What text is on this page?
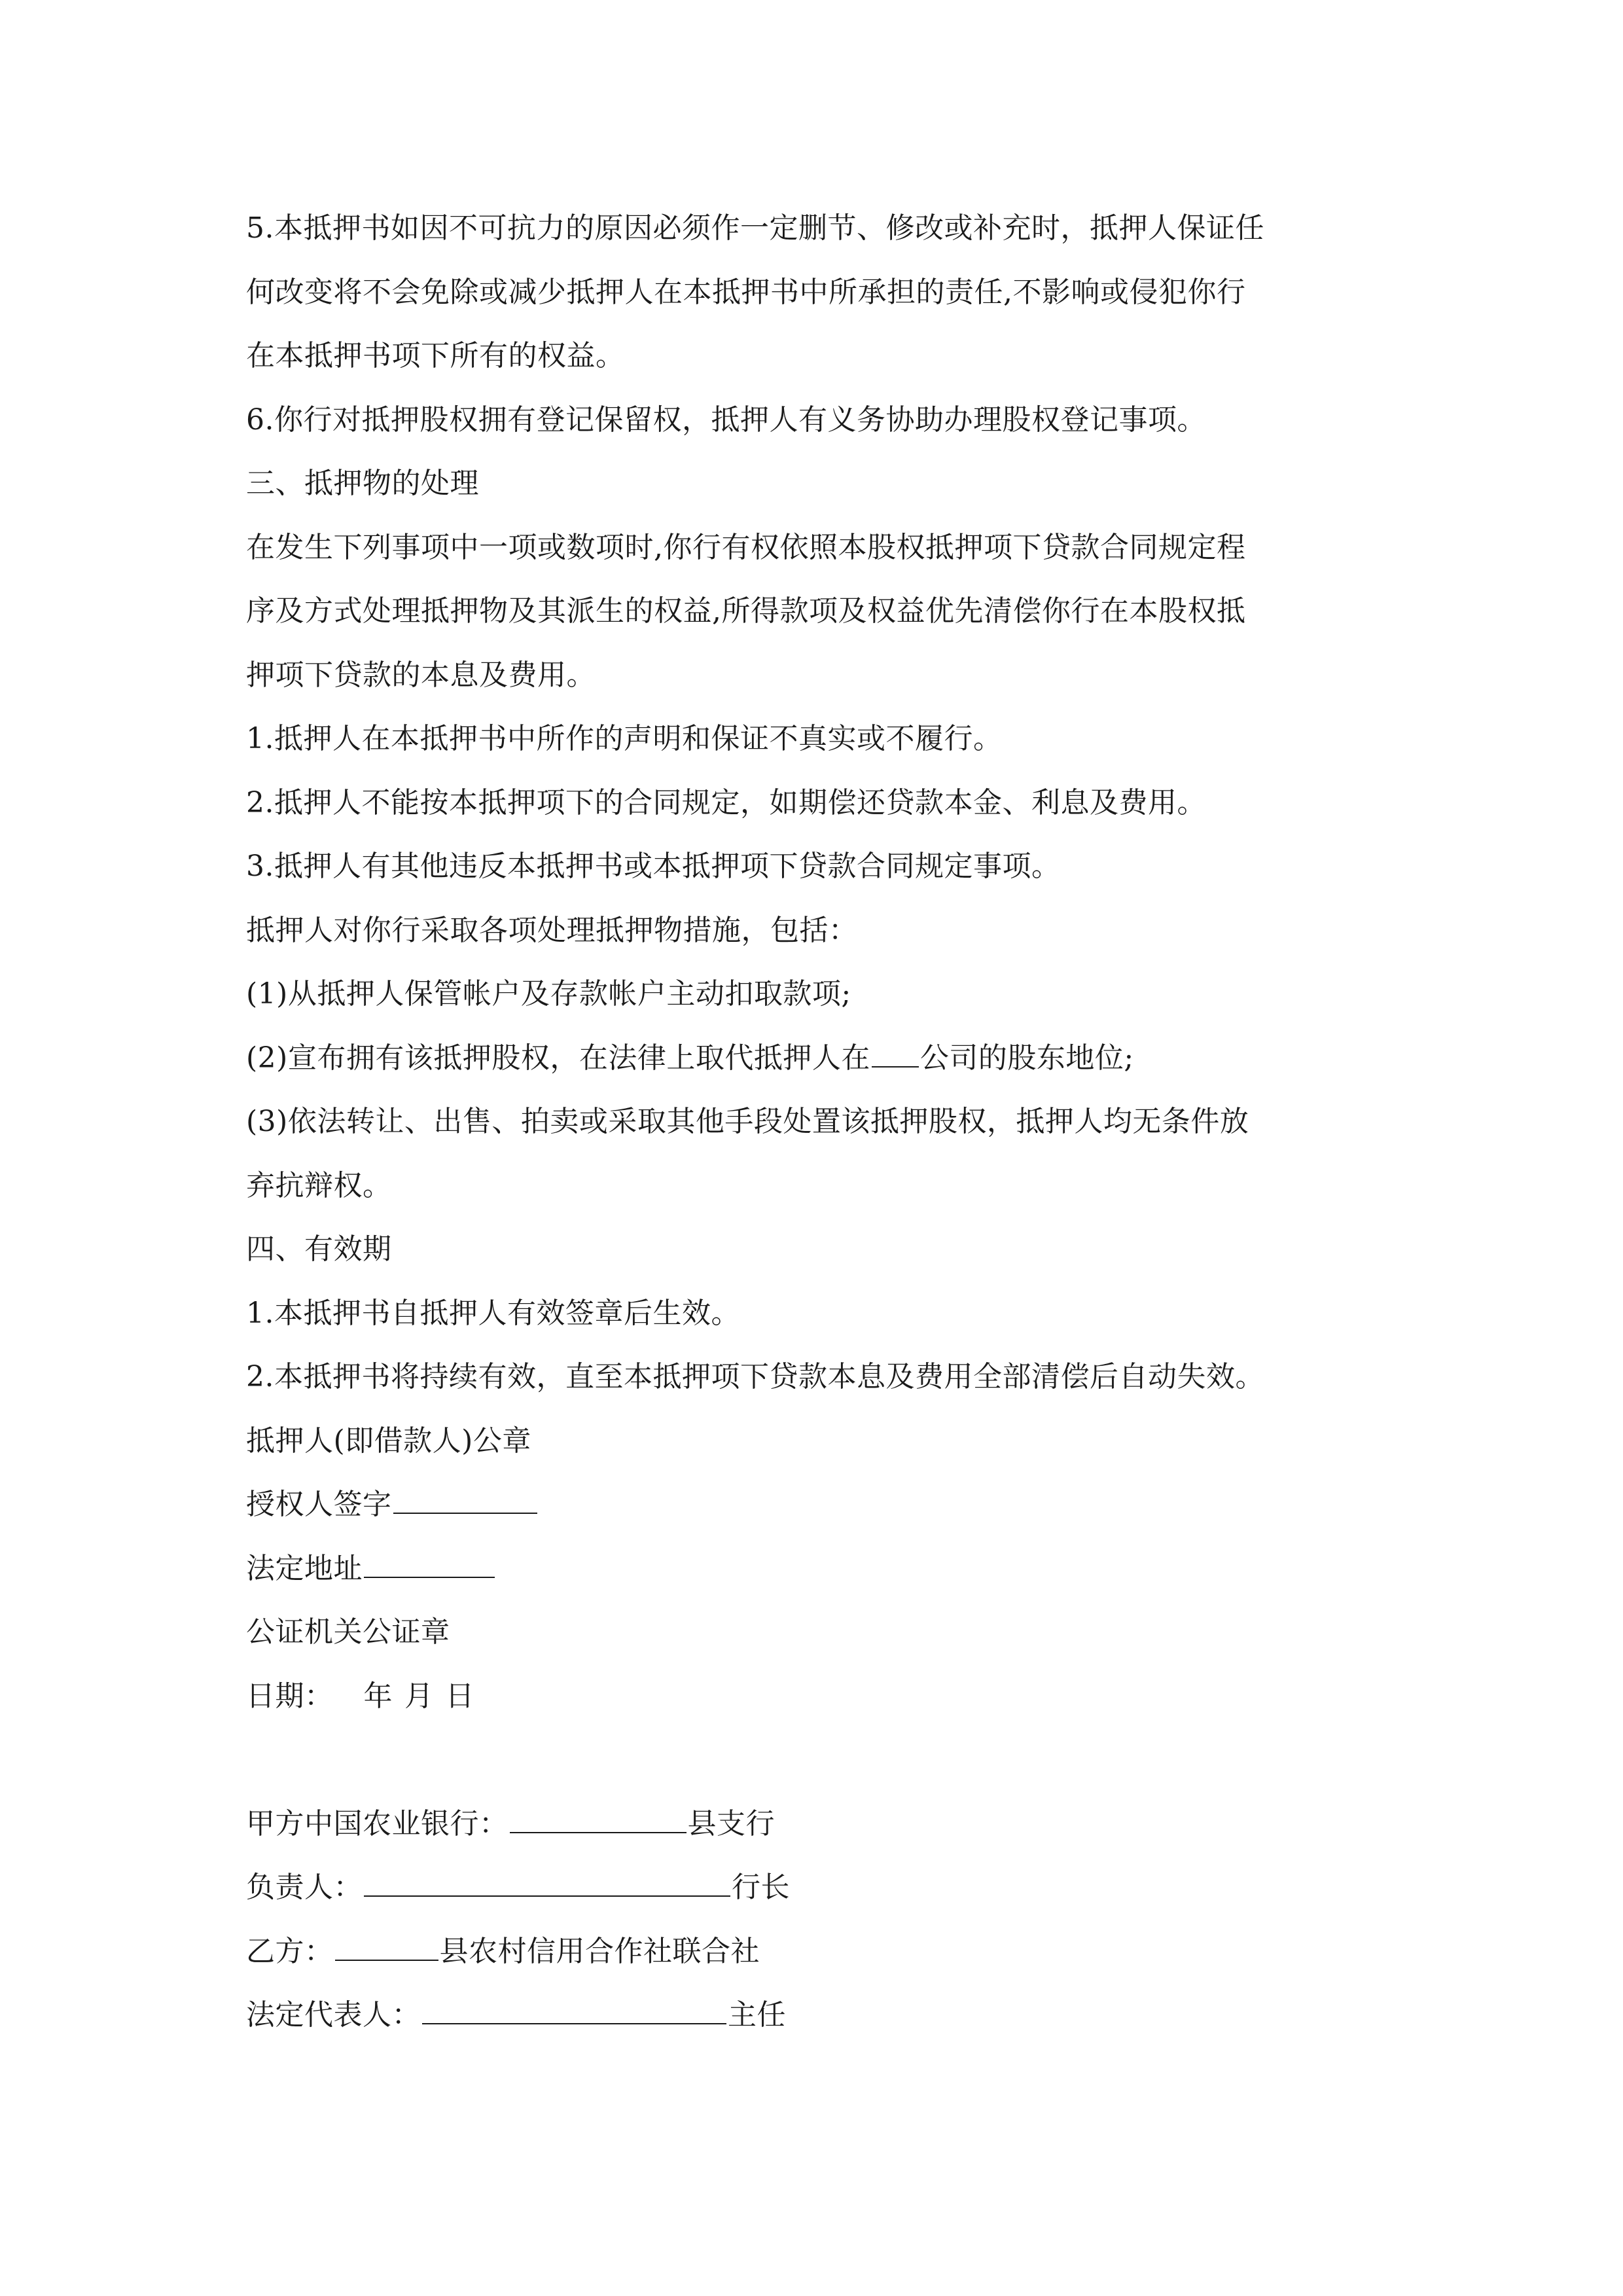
5.本抵押书如因不可抗力的原因必须作一定删节、修改或补充时，抵押人保证任
何改变将不会免除或减少抵押人在本抵押书中所承担的责任,不影响或侵犯你行
在本抵押书项下所有的权益。
6.你行对抵押股权拥有登记保留权，抵押人有义务协助办理股权登记事项。
三、抵押物的处理
在发生下列事项中一项或数项时,你行有权依照本股权抵押项下贷款合同规定程
序及方式处理抵押物及其派生的权益,所得款项及权益优先清偿你行在本股权抵
押项下贷款的本息及费用。
1.抵押人在本抵押书中所作的声明和保证不真实或不履行。
2.抵押人不能按本抵押项下的合同规定，如期偿还贷款本金、利息及费用。
3.抵押人有其他违反本抵押书或本抵押项下贷款合同规定事项。
抵押人对你行采取各项处理抵押物措施，包括：
(1)从抵押人保管帐户及存款帐户主动扣取款项;
(2)宣布拥有该抵押股权，在法律上取代抵押人在 公司的股东地位;
(3)依法转让、出售、拍卖或采取其他手段处置该抵押股权，抵押人均无条件放
弃抗辩权。
四、有效期
1.本抵押书自抵押人有效签章后生效。
2.本抵押书将持续有效，直至本抵押项下贷款本息及费用全部清偿后自动失效。
抵押人(即借款人)公章
授权人签字
法定地址
公证机关公证章
日期： 年 月 日
甲方中国农业银行：	县支行
负责人：	行长
乙方：	县农村信用合作社联合社
法定代表人：	主任
